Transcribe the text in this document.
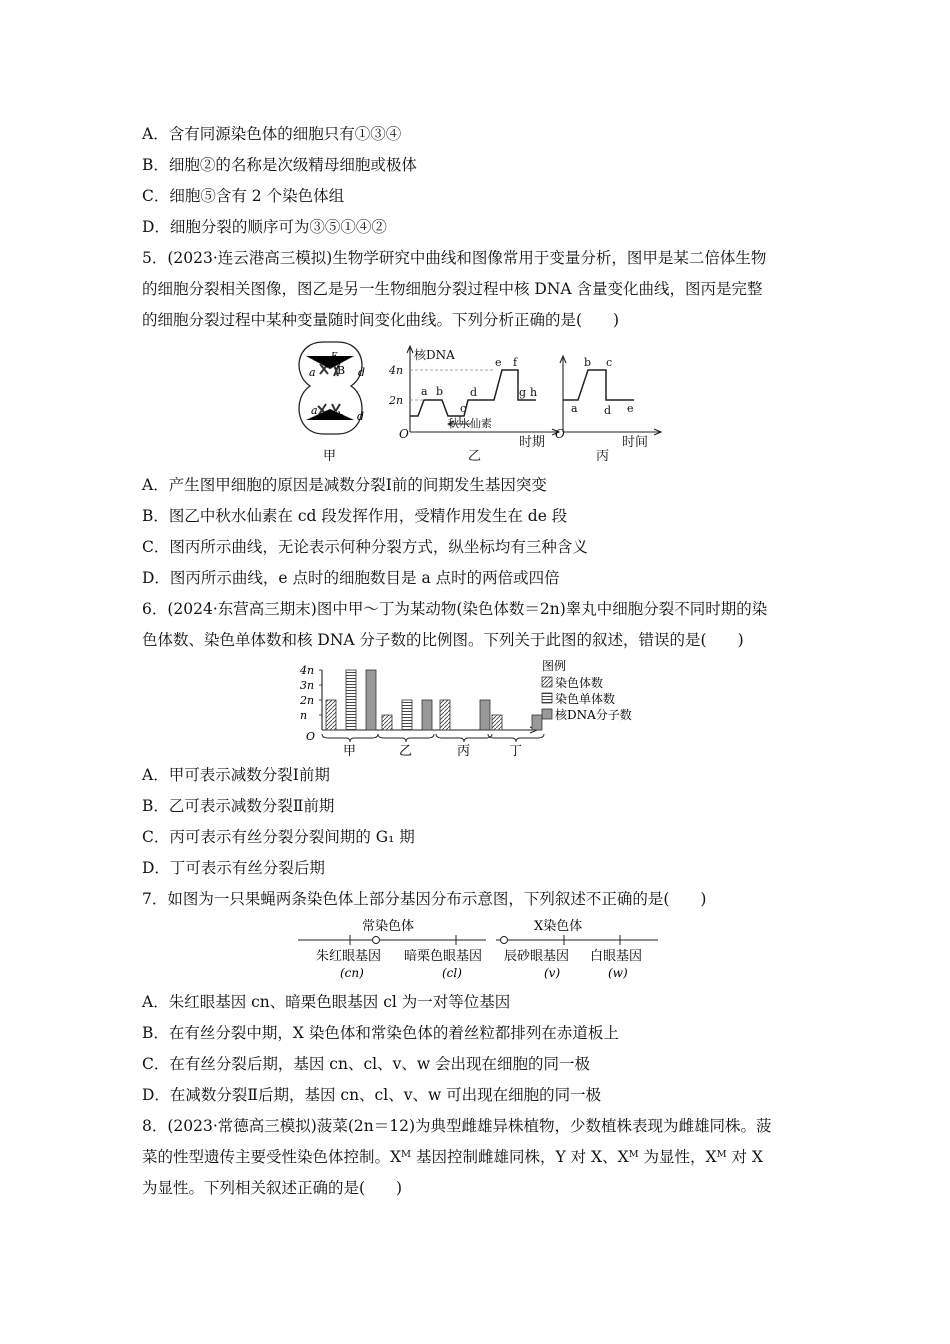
A．含有同源染色体的细胞只有①③④
B．细胞②的名称是次级精母细胞或极体
C．细胞⑤含有 2 个染色体组
D．细胞分裂的顺序可为③⑤①④②
5．(2023·连云港高三模拟)生物学研究中曲线和图像常用于变量分析，图甲是某二倍体生物
的细胞分裂相关图像，图乙是另一生物细胞分裂过程中核 DNA 含量变化曲线，图丙是完整
的细胞分裂过程中某种变量随时间变化曲线。下列分析正确的是(　　)
E
B
a	d
a b d
甲
核DNA
4n
2n
O
时期
a b
c
d
e f
g h
秋水仙素
乙
a
b c
d e
O
时间
丙
A．产生图甲细胞的原因是减数分裂Ⅰ前的间期发生基因突变
B．图乙中秋水仙素在 cd 段发挥作用，受精作用发生在 de 段
C．图丙所示曲线，无论表示何种分裂方式，纵坐标均有三种含义
D．图丙所示曲线，e 点时的细胞数目是 a 点时的两倍或四倍
6．(2024·东营高三期末)图中甲～丁为某动物(染色体数＝2n)睾丸中细胞分裂不同时期的染
色体数、染色单体数和核 DNA 分子数的比例图。下列关于此图的叙述，错误的是(　　)
4n
3n
2n
n
O
甲	乙	丙	丁
图例
染色体数
染色单体数
核DNA分子数
A．甲可表示减数分裂Ⅰ前期
B．乙可表示减数分裂Ⅱ前期
C．丙可表示有丝分裂分裂间期的 G₁ 期
D．丁可表示有丝分裂后期
7．如图为一只果蝇两条染色体上部分基因分布示意图，下列叙述不正确的是(　　)
常染色体	X染色体
朱红眼基因
(cn)
暗栗色眼基因
(cl)
辰砂眼基因
(v)
白眼基因
(w)
A．朱红眼基因 cn、暗栗色眼基因 cl 为一对等位基因
B．在有丝分裂中期，X 染色体和常染色体的着丝粒都排列在赤道板上
C．在有丝分裂后期，基因 cn、cl、v、w 会出现在细胞的同一极
D．在减数分裂Ⅱ后期，基因 cn、cl、v、w 可出现在细胞的同一极
8．(2023·常德高三模拟)菠菜(2n＝12)为典型雌雄异株植物，少数植株表现为雌雄同株。菠
菜的性型遗传主要受性染色体控制。Xᴹ 基因控制雌雄同株，Y 对 X、Xᴹ 为显性，Xᴹ 对 X
为显性。下列相关叙述正确的是(　　)
